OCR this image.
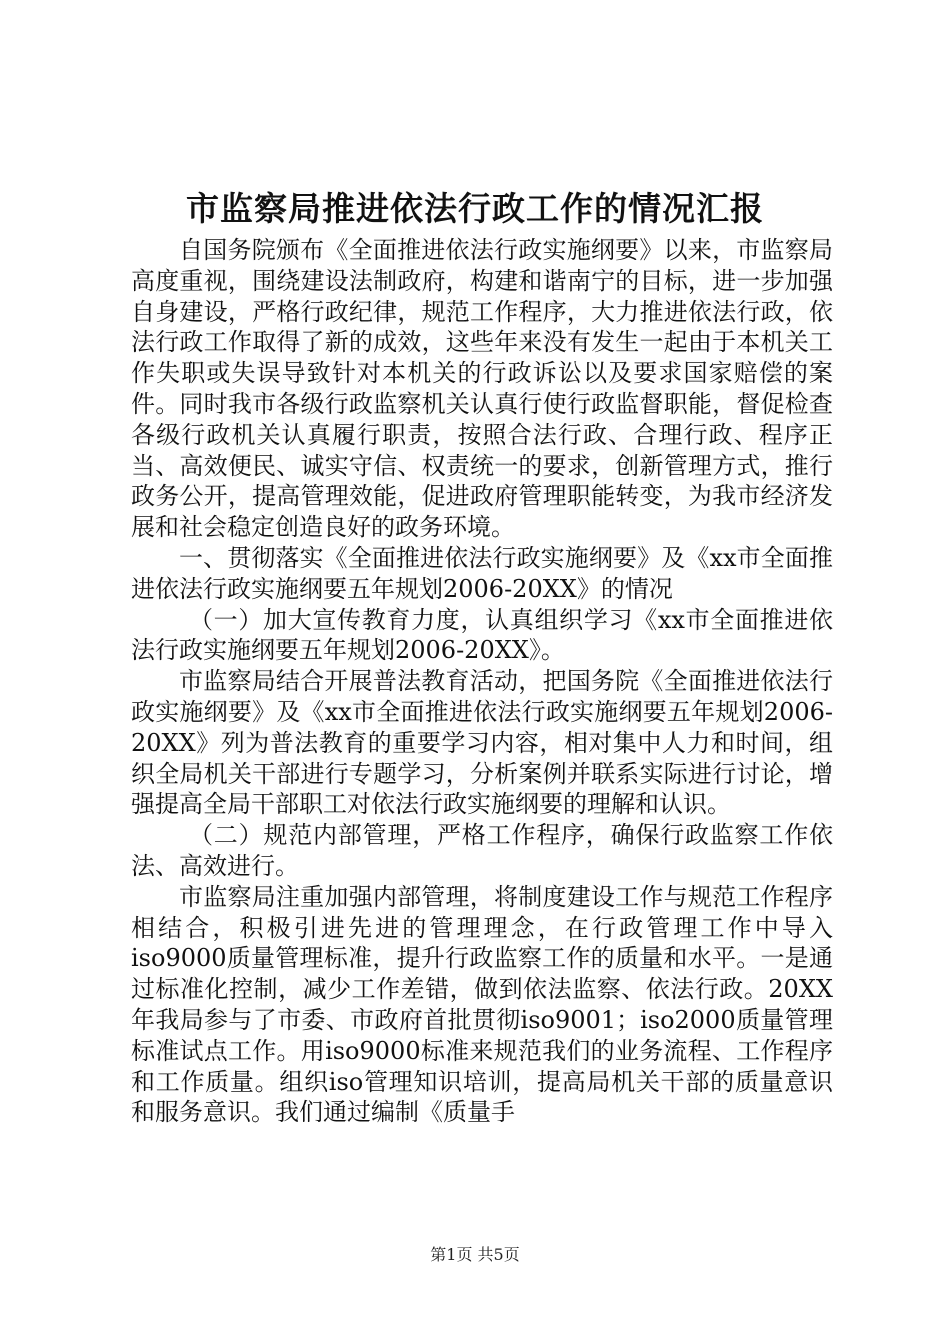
市监察局推进依法行政工作的情况汇报

自国务院颁布《全面推进依法行政实施纲要》以来，市监察局高度重视，围绕建设法制政府，构建和谐南宁的目标，进一步加强自身建设，严格行政纪律，规范工作程序，大力推进依法行政，依法行政工作取得了新的成效，这些年来没有发生一起由于本机关工作失职或失误导致针对本机关的行政诉讼以及要求国家赔偿的案件。同时我市各级行政监察机关认真行使行政监督职能，督促检查各级行政机关认真履行职责，按照合法行政、合理行政、程序正当、高效便民、诚实守信、权责统一的要求，创新管理方式，推行政务公开，提高管理效能，促进政府管理职能转变，为我市经济发展和社会稳定创造良好的政务环境。

一、贯彻落实《全面推进依法行政实施纲要》及《xx市全面推进依法行政实施纲要五年规划2006-20XX》的情况

（一）加大宣传教育力度，认真组织学习《xx市全面推进依法行政实施纲要五年规划2006-20XX》。

市监察局结合开展普法教育活动，把国务院《全面推进依法行政实施纲要》及《xx市全面推进依法行政实施纲要五年规划2006-20XX》列为普法教育的重要学习内容，相对集中人力和时间，组织全局机关干部进行专题学习，分析案例并联系实际进行讨论，增强提高全局干部职工对依法行政实施纲要的理解和认识。

（二）规范内部管理，严格工作程序，确保行政监察工作依法、高效进行。

市监察局注重加强内部管理，将制度建设工作与规范工作程序相结合，积极引进先进的管理理念，在行政管理工作中导入iso9000质量管理标准，提升行政监察工作的质量和水平。一是通过标准化控制，减少工作差错，做到依法监察、依法行政。20XX年我局参与了市委、市政府首批贯彻iso9001；iso2000质量管理标准试点工作。用iso9000标准来规范我们的业务流程、工作程序和工作质量。组织iso管理知识培训，提高局机关干部的质量意识和服务意识。我们通过编制《质量手

第1页 共5页
